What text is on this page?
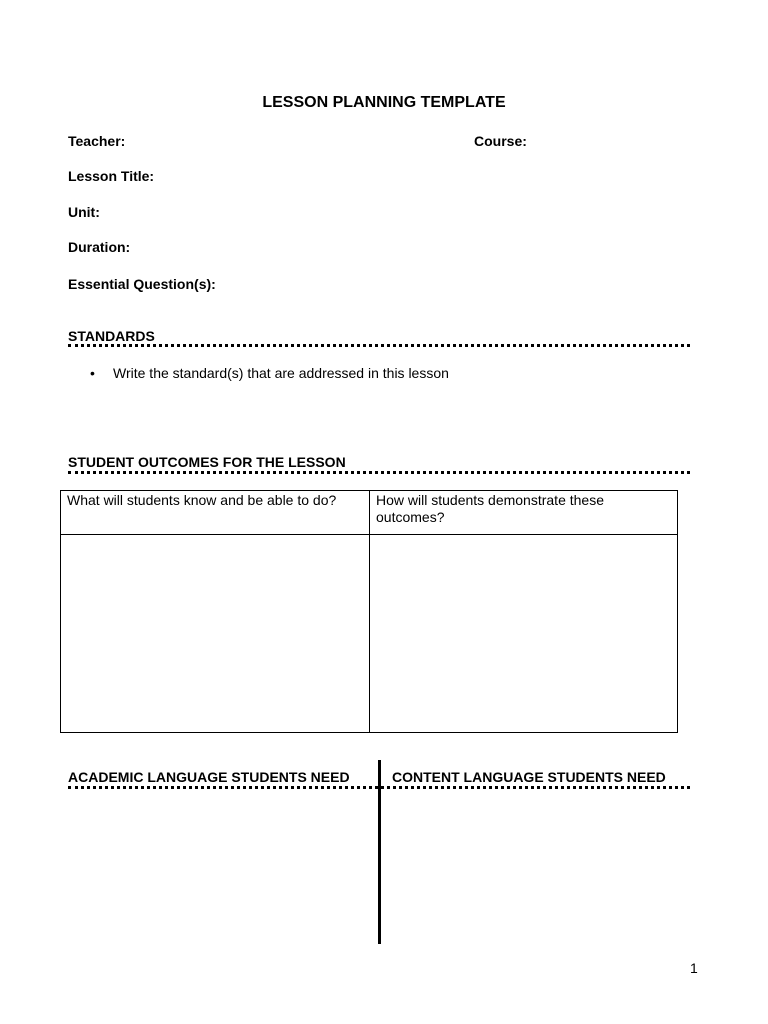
LESSON PLANNING TEMPLATE
Teacher:	Course:
Lesson Title:
Unit:
Duration:
Essential Question(s):
STANDARDS
• Write the standard(s) that are addressed in this lesson
STUDENT OUTCOMES FOR THE LESSON
What will students know and be able to do?	How will students demonstrate these outcomes?

ACADEMIC LANGUAGE STUDENTS NEED	CONTENT LANGUAGE STUDENTS NEED
1
